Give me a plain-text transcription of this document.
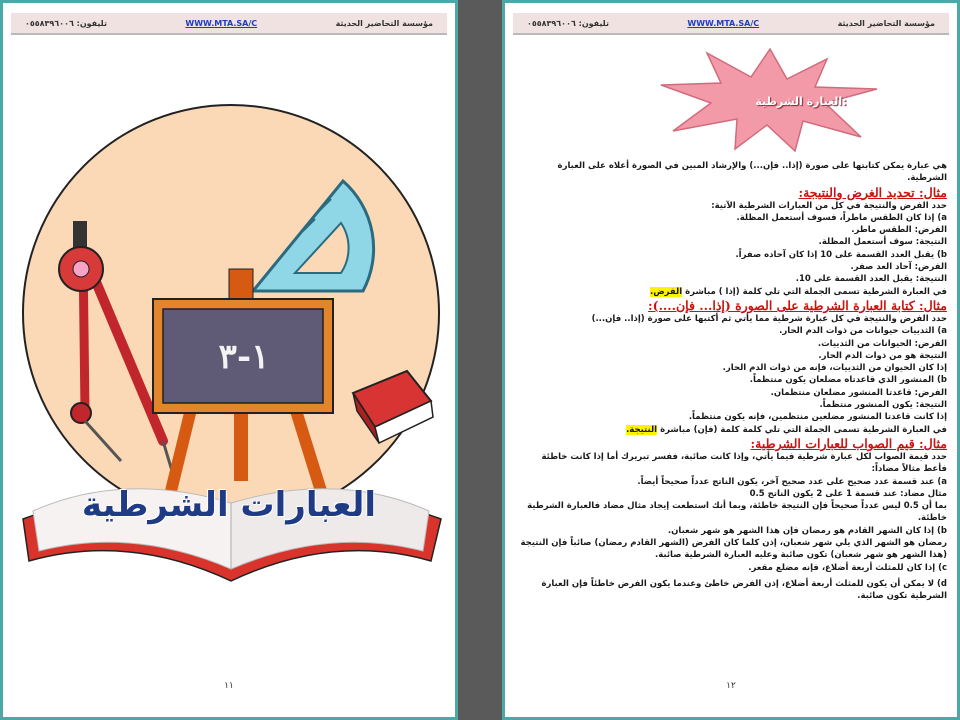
تليفون: ٠٥٥٨٣٩٦٠٠٦	WWW.MTA.SA/C	مؤسسة التحاضير الحديثة
١-٣
العبارات الشرطية
١١
تليفون: ٠٥٥٨٣٩٦٠٠٦	WWW.MTA.SA/C	مؤسسة التحاضير الحديثة
العبارة الشرطية:

هي عبارة يمكن كتابتها على صورة (إذا.. فإن...) والإرشاد المبين في الصورة أعلاه على العبارة الشرطية.

مثال: تحديد الغرض والنتيجة:

حدد الفرض والنتيجة في كل من العبارات الشرطية الآتية:

a) إذا كان الطقس ماطراً، فسوف أستعمل المظلة.

الفرض: الطقس ماطر.

النتيجة: سوف أستعمل المظلة.

b) يقبل العدد القسمة على 10 إذا كان آحاده صفراً.

الفرض: آحاد العد صفر.

النتيجة: يقبل العدد القسمة على 10.

في العبارة الشرطية تسمى الجملة التي تلي كلمة (إذا ) مباشرة الفرض.

مثال: كتابة العبارة الشرطية على الصورة (إذا... فإن....):

حدد الفرض والنتيجة في كل عبارة شرطية مما يأتي ثم أكتبها على صورة (إذا.. فإن...)

a) الثدييات حيوانات من ذوات الدم الحار.

الفرض: الحيوانات من الثدييات.

النتيجة هو من ذوات الدم الحار.

إذا كان الحيوان من الثدييات، فإنه من ذوات الدم الحار.

b) المنشور الذي قاعدتاه مضلعان يكون منتظماً.

الفرض: قاعدتا المنشور مضلعان منتظمان.

النتيجة: يكون المنشور منتظماً.

إذا كانت قاعدتا المنشور مضلعين منتظمين، فإنه يكون منتظماً.

في العبارة الشرطية تسمى الجملة التي تلي كلمة كلمة (فإن) مباشرة النتيجة.

مثال: قيم الصواب للعبارات الشرطية:

حدد قيمة الصواب لكل عبارة شرطية فيما يأتي، وإذا كانت صائبة، ففسر تبريرك أما إذا كانت خاطئة فأعط مثالاً مضاداً:

a) عند قسمة عدد صحيح على عدد صحيح آخر، يكون الناتج عدداً صحيحاً أيضاً.

مثال مضاد: عند قسمة 1 على 2 يكون الناتج 0.5

بما أن 0.5 ليس عدداً صحيحاً فإن النتيجة خاطئة، وبما أنك استطعت إيجاد مثال مضاد فالعبارة الشرطية خاطئة.

b) إذا كان الشهر القادم هو رمضان فإن هذا الشهر هو شهر شعبان.

رمضان هو الشهر الذي يلي شهر شعبان، إذن كلما كان الفرض (الشهر القادم رمضان) صائباً فإن النتيجة (هذا الشهر هو شهر شعبان) تكون صائبة وعليه العبارة الشرطية صائبة.

c) إذا كان للمثلث أربعة أضلاع، فإنه مضلع مقعر.

d) لا يمكن أن يكون للمثلث أربعة أضلاع، إذن الفرض خاطئ وعندما يكون الفرض خاطئاً فإن العبارة الشرطية تكون صائبة.

١٢
